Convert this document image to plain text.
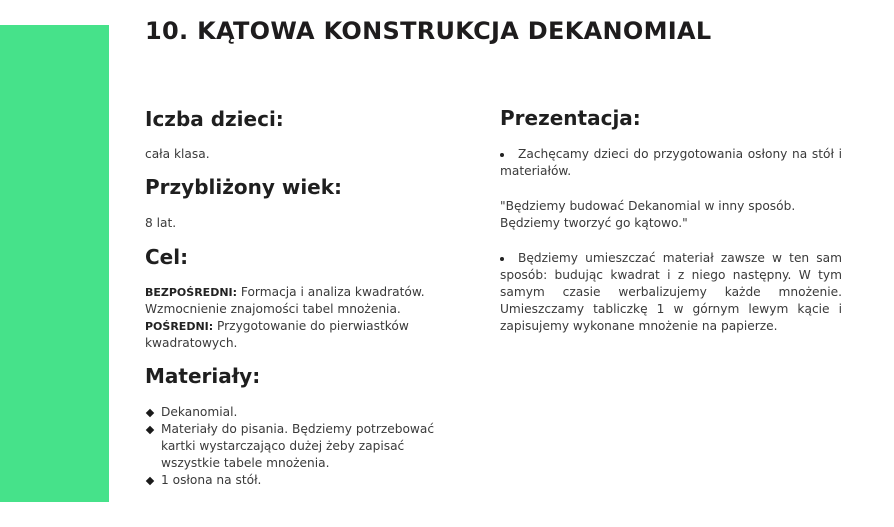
10. KĄTOWA KONSTRUKCJA DEKANOMIAL
Iczba dzieci:
cała klasa.
Przybliżony wiek:
8 lat.
Cel:
BEZPOŚREDNI: Formacja i analiza kwadratów. Wzmocnienie znajomości tabel mnożenia.
POŚREDNI: Przygotowanie do pierwiastków kwadratowych.
Materiały:
Dekanomial.
Materiały do pisania. Będziemy potrzebować kartki wystarczająco dużej żeby zapisać wszystkie tabele mnożenia.
1 osłona na stół.
Prezentacja:
Zachęcamy dzieci do przygotowania osłony na stół i materiałów.
"Będziemy budować Dekanomial w inny sposób. Będziemy tworzyć go kątowo."
Będziemy umieszczać materiał zawsze w ten sam sposób: budując kwadrat i z niego następny. W tym samym czasie werbalizujemy każde mnożenie. Umieszczamy tabliczkę 1 w górnym lewym kącie i zapisujemy wykonane mnożenie na papierze.
